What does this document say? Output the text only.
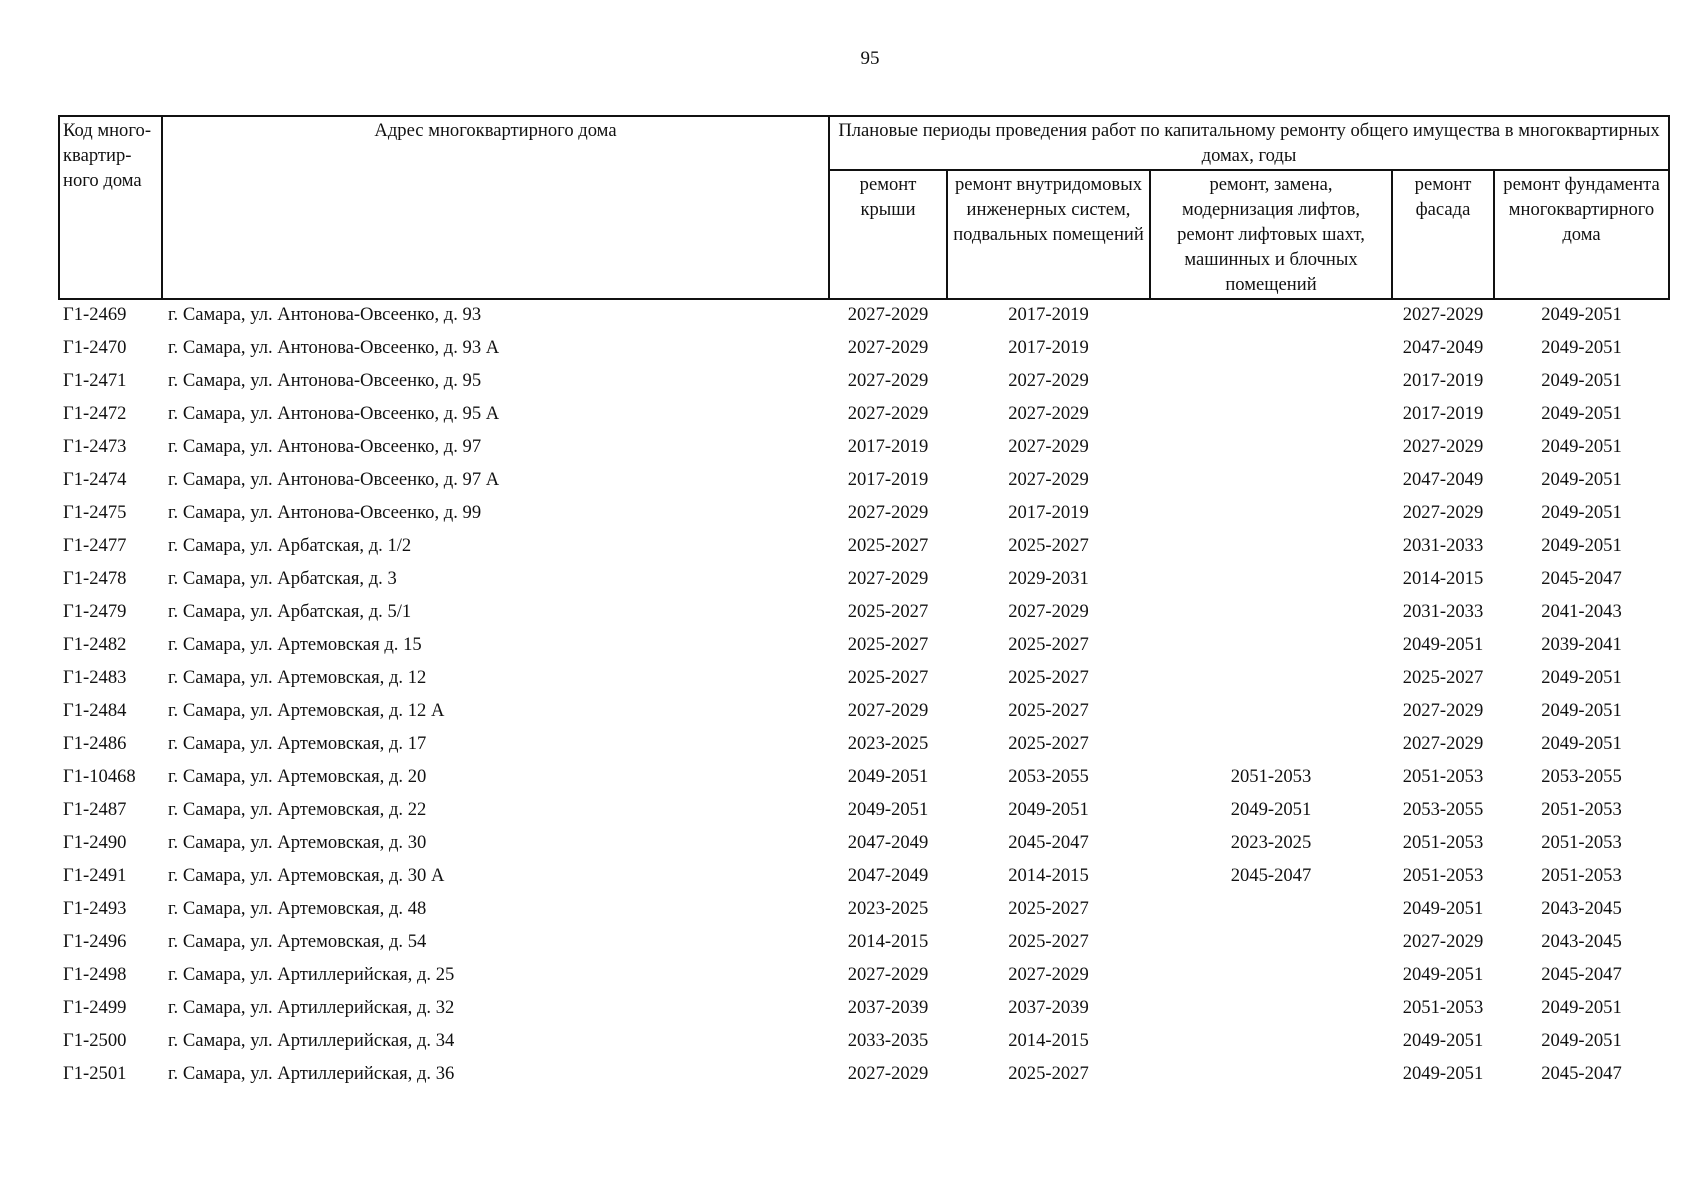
95
Код много-квартир-ного дома	Адрес многоквартирного дома	Плановые периоды проведения работ по капитальному ремонту общего имущества в многоквартирных домах, годы				
		ремонт крыши	ремонт внутридомовых инженерных систем, подвальных помещений	ремонт, замена, модернизация лифтов, ремонт лифтовых шахт, машинных и блочных помещений	ремонт фасада	ремонт фундамента многоквартирного дома
Г1-2469	г. Самара, ул. Антонова-Овсеенко, д. 93	2027-2029	2017-2019		2027-2029	2049-2051
Г1-2470	г. Самара, ул. Антонова-Овсеенко, д. 93 А	2027-2029	2017-2019		2047-2049	2049-2051
Г1-2471	г. Самара, ул. Антонова-Овсеенко, д. 95	2027-2029	2027-2029		2017-2019	2049-2051
Г1-2472	г. Самара, ул. Антонова-Овсеенко, д. 95 А	2027-2029	2027-2029		2017-2019	2049-2051
Г1-2473	г. Самара, ул. Антонова-Овсеенко, д. 97	2017-2019	2027-2029		2027-2029	2049-2051
Г1-2474	г. Самара, ул. Антонова-Овсеенко, д. 97 А	2017-2019	2027-2029		2047-2049	2049-2051
Г1-2475	г. Самара, ул. Антонова-Овсеенко, д. 99	2027-2029	2017-2019		2027-2029	2049-2051
Г1-2477	г. Самара, ул. Арбатская, д. 1/2	2025-2027	2025-2027		2031-2033	2049-2051
Г1-2478	г. Самара, ул. Арбатская, д. 3	2027-2029	2029-2031		2014-2015	2045-2047
Г1-2479	г. Самара, ул. Арбатская, д. 5/1	2025-2027	2027-2029		2031-2033	2041-2043
Г1-2482	г. Самара, ул. Артемовская д. 15	2025-2027	2025-2027		2049-2051	2039-2041
Г1-2483	г. Самара, ул. Артемовская, д. 12	2025-2027	2025-2027		2025-2027	2049-2051
Г1-2484	г. Самара, ул. Артемовская, д. 12 А	2027-2029	2025-2027		2027-2029	2049-2051
Г1-2486	г. Самара, ул. Артемовская, д. 17	2023-2025	2025-2027		2027-2029	2049-2051
Г1-10468	г. Самара, ул. Артемовская, д. 20	2049-2051	2053-2055	2051-2053	2051-2053	2053-2055
Г1-2487	г. Самара, ул. Артемовская, д. 22	2049-2051	2049-2051	2049-2051	2053-2055	2051-2053
Г1-2490	г. Самара, ул. Артемовская, д. 30	2047-2049	2045-2047	2023-2025	2051-2053	2051-2053
Г1-2491	г. Самара, ул. Артемовская, д. 30 А	2047-2049	2014-2015	2045-2047	2051-2053	2051-2053
Г1-2493	г. Самара, ул. Артемовская, д. 48	2023-2025	2025-2027		2049-2051	2043-2045
Г1-2496	г. Самара, ул. Артемовская, д. 54	2014-2015	2025-2027		2027-2029	2043-2045
Г1-2498	г. Самара, ул. Артиллерийская, д. 25	2027-2029	2027-2029		2049-2051	2045-2047
Г1-2499	г. Самара, ул. Артиллерийская, д. 32	2037-2039	2037-2039		2051-2053	2049-2051
Г1-2500	г. Самара, ул. Артиллерийская, д. 34	2033-2035	2014-2015		2049-2051	2049-2051
Г1-2501	г. Самара, ул. Артиллерийская, д. 36	2027-2029	2025-2027		2049-2051	2045-2047
